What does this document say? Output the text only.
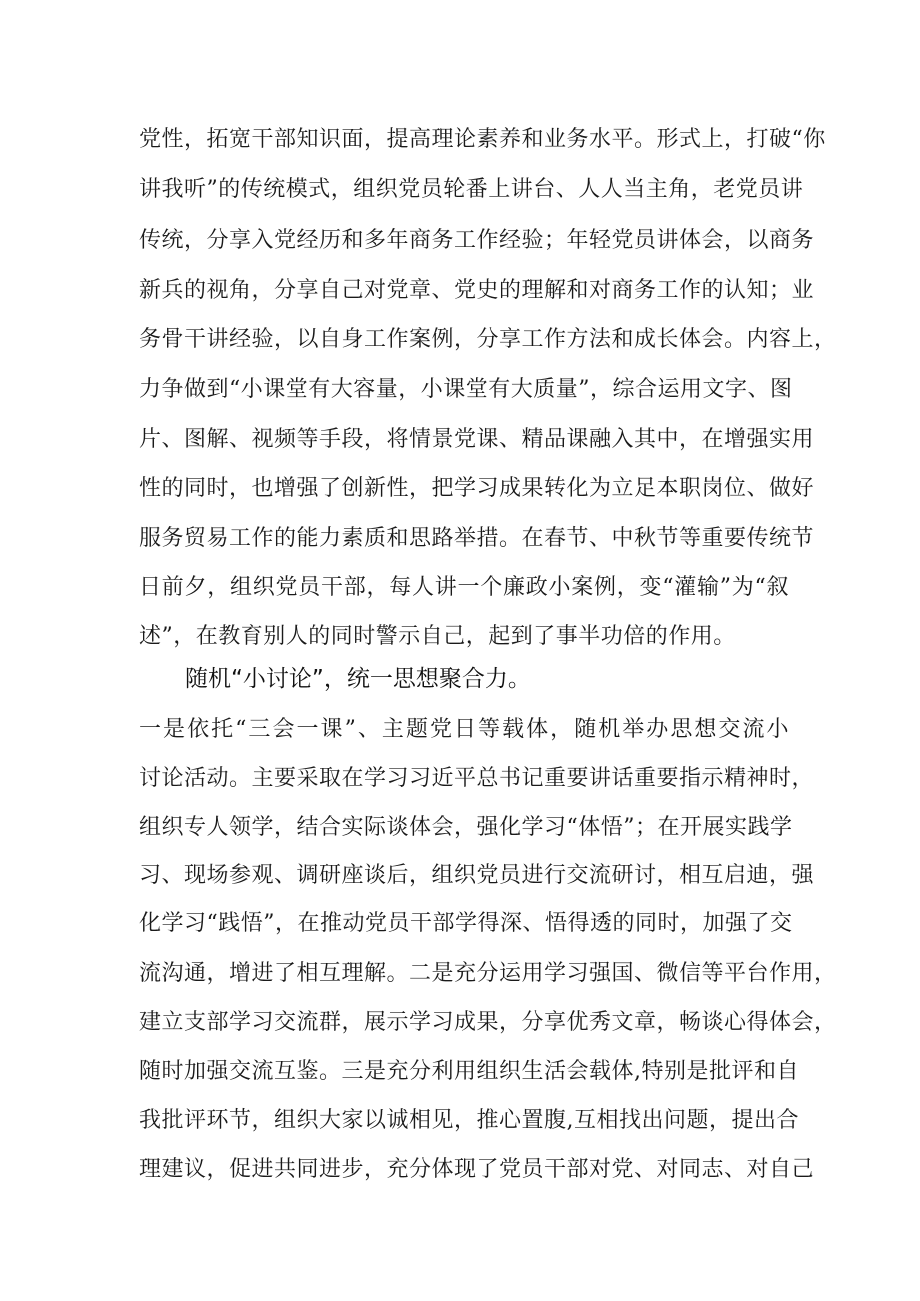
党性，拓宽干部知识面，提高理论素养和业务水平。形式上，打破“你
讲我听”的传统模式，组织党员轮番上讲台、人人当主角，老党员讲
传统，分享入党经历和多年商务工作经验；年轻党员讲体会，以商务
新兵的视角，分享自己对党章、党史的理解和对商务工作的认知；业
务骨干讲经验，以自身工作案例，分享工作方法和成长体会。内容上，
力争做到“小课堂有大容量，小课堂有大质量”，综合运用文字、图
片、图解、视频等手段，将情景党课、精品课融入其中，在增强实用
性的同时，也增强了创新性，把学习成果转化为立足本职岗位、做好
服务贸易工作的能力素质和思路举措。在春节、中秋节等重要传统节
日前夕，组织党员干部，每人讲一个廉政小案例，变“灌输”为“叙
述”，在教育别人的同时警示自己，起到了事半功倍的作用。
随机“小讨论”，统一思想聚合力。
一是依托“三会一课”、主题党日等载体，随机举办思想交流小
讨论活动。主要采取在学习习近平总书记重要讲话重要指示精神时，
组织专人领学，结合实际谈体会，强化学习“体悟”；在开展实践学
习、现场参观、调研座谈后，组织党员进行交流研讨，相互启迪，强
化学习“践悟”，在推动党员干部学得深、悟得透的同时，加强了交
流沟通，增进了相互理解。二是充分运用学习强国、微信等平台作用，
建立支部学习交流群，展示学习成果，分享优秀文章，畅谈心得体会，
随时加强交流互鉴。三是充分利用组织生活会载体,特别是批评和自
我批评环节，组织大家以诚相见，推心置腹,互相找出问题，提出合
理建议，促进共同进步，充分体现了党员干部对党、对同志、对自己
